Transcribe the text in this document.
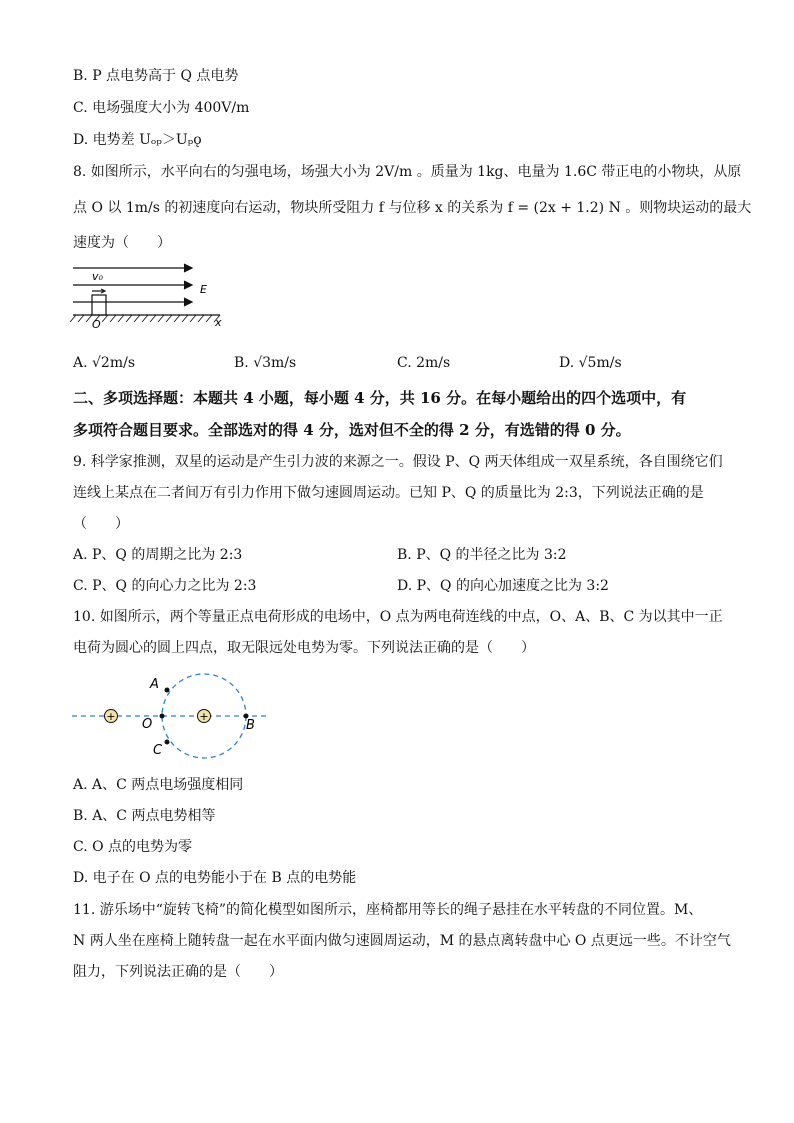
B. P 点电势高于 Q 点电势
C. 电场强度大小为 400V/m
D. 电势差 Uₒₚ＞Uₚǫ
8. 如图所示，水平向右的匀强电场，场强大小为 2V/m 。质量为 1kg、电量为 1.6C 带正电的小物块，从原
点 O 以 1m/s 的初速度向右运动，物块所受阻力 f 与位移 x 的关系为 f = (2x + 1.2) N 。则物块运动的最大
速度为（　　）
v₀
E
O	x
A. √2m/s	B. √3m/s	C. 2m/s	D. √5m/s
二、多项选择题：本题共 4 小题，每小题 4 分，共 16 分。在每小题给出的四个选项中，有
多项符合题目要求。全部选对的得 4 分，选对但不全的得 2 分，有选错的得 0 分。
9. 科学家推测，双星的运动是产生引力波的来源之一。假设 P、Q 两天体组成一双星系统，各自围绕它们
连线上某点在二者间万有引力作用下做匀速圆周运动。已知 P、Q 的质量比为 2:3，下列说法正确的是
（　　）
A. P、Q 的周期之比为 2:3	B. P、Q 的半径之比为 3:2
C. P、Q 的向心力之比为 2:3	D. P、Q 的向心加速度之比为 3:2
10. 如图所示，两个等量正点电荷形成的电场中，O 点为两电荷连线的中点，O、A、B、C 为以其中一正
电荷为圆心的圆上四点，取无限远处电势为零。下列说法正确的是（　　）
+	+
A
O	B
C
A. A、C 两点电场强度相同
B. A、C 两点电势相等
C. O 点的电势为零
D. 电子在 O 点的电势能小于在 B 点的电势能
11. 游乐场中“旋转飞椅”的简化模型如图所示，座椅都用等长的绳子悬挂在水平转盘的不同位置。M、
N 两人坐在座椅上随转盘一起在水平面内做匀速圆周运动，M 的悬点离转盘中心 O 点更远一些。不计空气
阻力，下列说法正确的是（　　）
